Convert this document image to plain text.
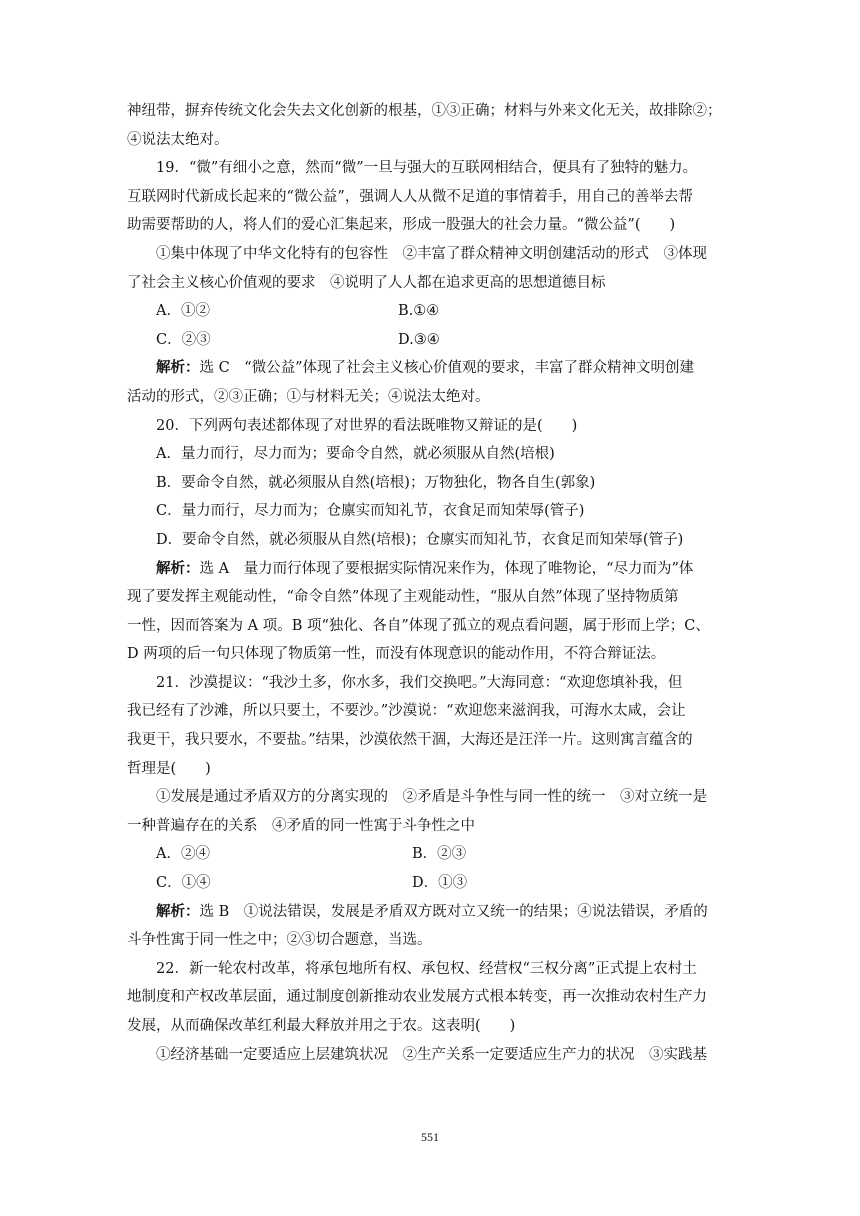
神纽带，摒弃传统文化会失去文化创新的根基，①③正确；材料与外来文化无关，故排除②；

④说法太绝对。

19．“微”有细小之意，然而“微”一旦与强大的互联网相结合，便具有了独特的魅力。

互联网时代新成长起来的“微公益”，强调人人从微不足道的事情着手，用自己的善举去帮

助需要帮助的人，将人们的爱心汇集起来，形成一股强大的社会力量。“微公益”(　　)

①集中体现了中华文化特有的包容性　②丰富了群众精神文明创建活动的形式　③体现

了社会主义核心价值观的要求　④说明了人人都在追求更高的思想道德目标

A．①②	B.①④
C．②③	D.③④

解析：选 C　“微公益”体现了社会主义核心价值观的要求，丰富了群众精神文明创建

活动的形式，②③正确；①与材料无关；④说法太绝对。

20．下列两句表述都体现了对世界的看法既唯物又辩证的是(　　)

A．量力而行，尽力而为；要命令自然，就必须服从自然(培根)

B．要命令自然，就必须服从自然(培根)；万物独化，物各自生(郭象)

C．量力而行，尽力而为；仓廪实而知礼节，衣食足而知荣辱(管子)

D．要命令自然，就必须服从自然(培根)；仓廪实而知礼节，衣食足而知荣辱(管子)

解析：选 A　量力而行体现了要根据实际情况来作为，体现了唯物论，“尽力而为”体

现了要发挥主观能动性，“命令自然”体现了主观能动性，“服从自然”体现了坚持物质第

一性，因而答案为 A 项。B 项“独化、各自”体现了孤立的观点看问题，属于形而上学；C、

D 两项的后一句只体现了物质第一性，而没有体现意识的能动作用，不符合辩证法。

21．沙漠提议：“我沙土多，你水多，我们交换吧。”大海同意：“欢迎您填补我，但

我已经有了沙滩，所以只要土，不要沙。”沙漠说：“欢迎您来滋润我，可海水太咸，会让

我更干，我只要水，不要盐。”结果，沙漠依然干涸，大海还是汪洋一片。这则寓言蕴含的

哲理是(　　)

①发展是通过矛盾双方的分离实现的　②矛盾是斗争性与同一性的统一　③对立统一是

一种普遍存在的关系　④矛盾的同一性寓于斗争性之中

A．②④	B．②③
C．①④	D．①③

解析：选 B　①说法错误，发展是矛盾双方既对立又统一的结果；④说法错误，矛盾的

斗争性寓于同一性之中；②③切合题意，当选。

22．新一轮农村改革，将承包地所有权、承包权、经营权“三权分离”正式提上农村土

地制度和产权改革层面，通过制度创新推动农业发展方式根本转变，再一次推动农村生产力

发展，从而确保改革红利最大释放并用之于农。这表明(　　)

①经济基础一定要适应上层建筑状况　②生产关系一定要适应生产力的状况　③实践基

551
